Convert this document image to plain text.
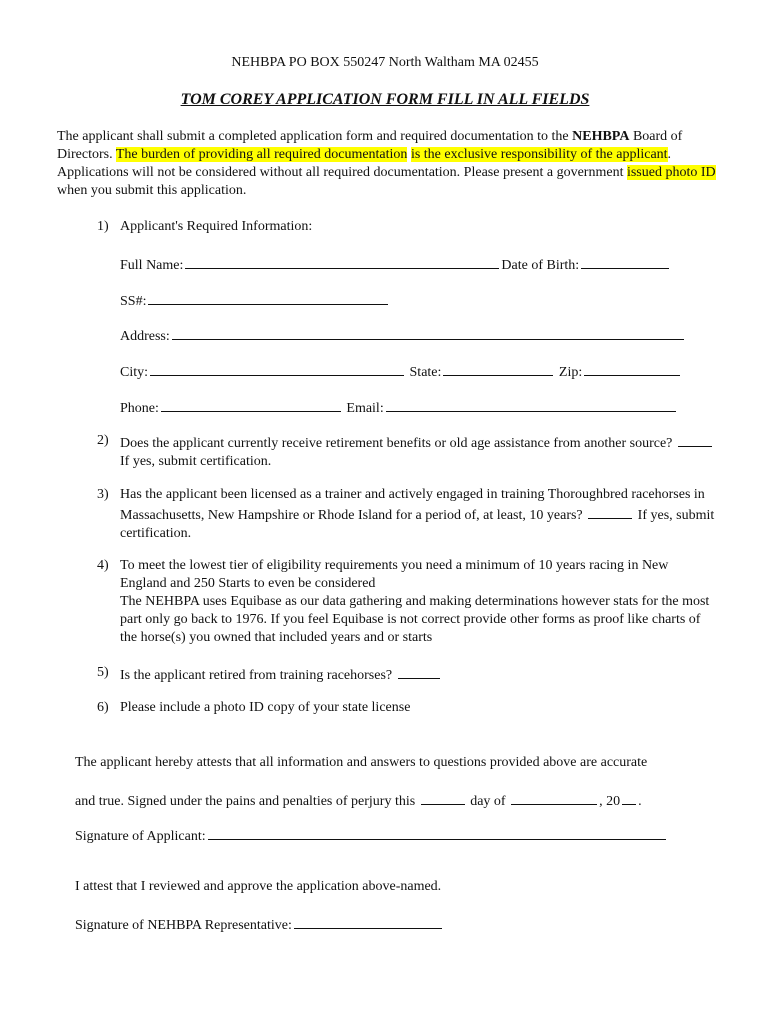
NEHBPA PO BOX 550247 North Waltham MA 02455
TOM COREY APPLICATION FORM FILL IN ALL FIELDS
The applicant shall submit a completed application form and required documentation to the NEHBPA Board of Directors. The burden of providing all required documentation is the exclusive responsibility of the applicant. Applications will not be considered without all required documentation. Please present a government issued photo ID when you submit this application.
1) Applicant's Required Information:
Full Name:	Date of Birth:
SS#:
Address:
City:	State:	Zip:
Phone:	Email:
2) Does the applicant currently receive retirement benefits or old age assistance from another source?  If yes, submit certification.
3) Has the applicant been licensed as a trainer and actively engaged in training Thoroughbred racehorses in Massachusetts, New Hampshire or Rhode Island for a period of, at least, 10 years?	If yes, submit certification.
4) To meet the lowest tier of eligibility requirements you need a minimum of 10 years racing in New England and 250 Starts to even be considered
The NEHBPA uses Equibase as our data gathering and making determinations however stats for the most part only go back to 1976. If you feel Equibase is not correct provide other forms as proof like charts of the horse(s) you owned that included years and or starts
5) Is the applicant retired from training racehorses?
6) Please include a photo ID copy of your state license
The applicant hereby attests that all information and answers to questions provided above are accurate
and true. Signed under the pains and penalties of perjury this	day of	, 20 .
Signature of Applicant:
I attest that I reviewed and approve the application above-named.
Signature of NEHBPA Representative:
